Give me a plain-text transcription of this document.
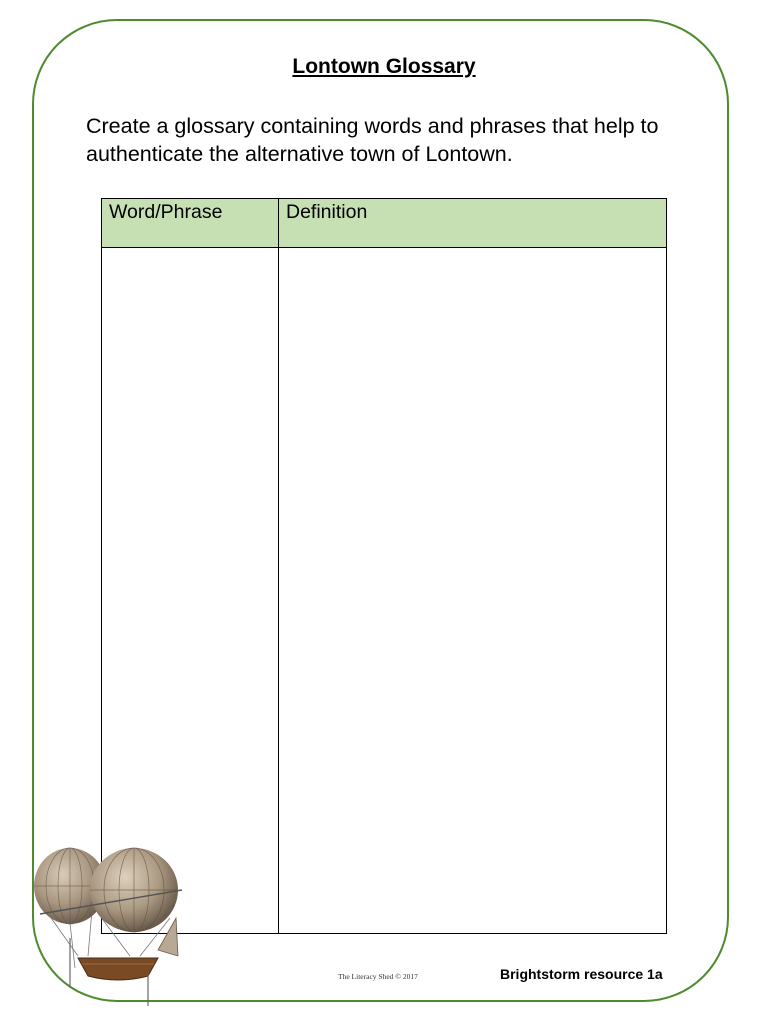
Lontown Glossary
Create a glossary containing words and phrases that help to authenticate the alternative town of Lontown.
Word/Phrase	Definition

The Literacy Shed © 2017	Brightstorm resource 1a
